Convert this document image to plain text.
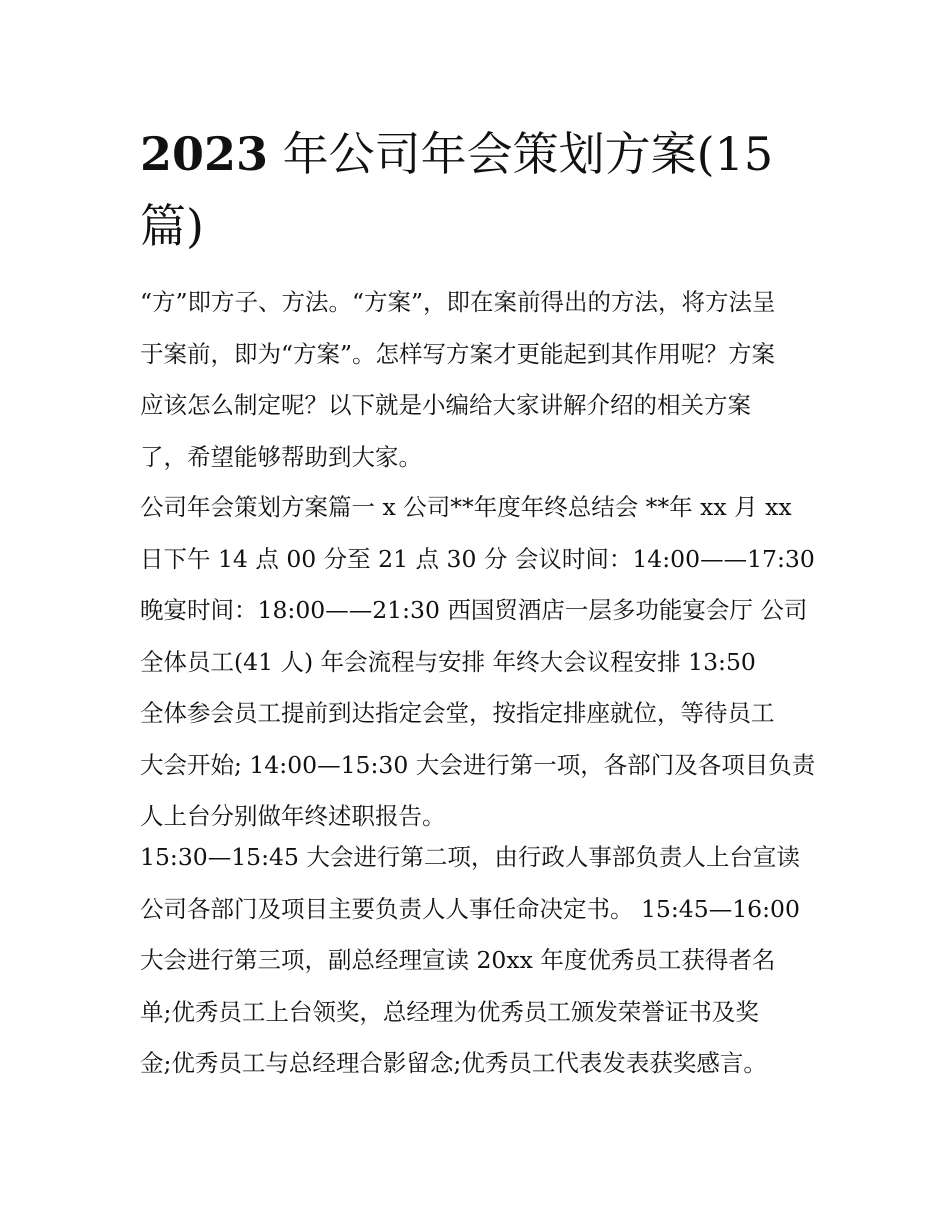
2023 年公司年会策划方案(15
篇)

“方”即方子、方法。“方案”，即在案前得出的方法，将方法呈
于案前，即为“方案”。怎样写方案才更能起到其作用呢？方案
应该怎么制定呢？以下就是小编给大家讲解介绍的相关方案
了，希望能够帮助到大家。

公司年会策划方案篇一 x 公司**年度年终总结会 **年 xx 月 xx
日下午 14 点 00 分至 21 点 30 分 会议时间：14:00——17:30
晚宴时间：18:00——21:30 西国贸酒店一层多功能宴会厅 公司
全体员工(41 人) 年会流程与安排 年终大会议程安排 13:50
全体参会员工提前到达指定会堂，按指定排座就位，等待员工
大会开始; 14:00—15:30 大会进行第一项，各部门及各项目负责
人上台分别做年终述职报告。

15:30—15:45 大会进行第二项，由行政人事部负责人上台宣读
公司各部门及项目主要负责人人事任命决定书。 15:45—16:00
大会进行第三项，副总经理宣读 20xx 年度优秀员工获得者名
单;优秀员工上台领奖，总经理为优秀员工颁发荣誉证书及奖
金;优秀员工与总经理合影留念;优秀员工代表发表获奖感言。
